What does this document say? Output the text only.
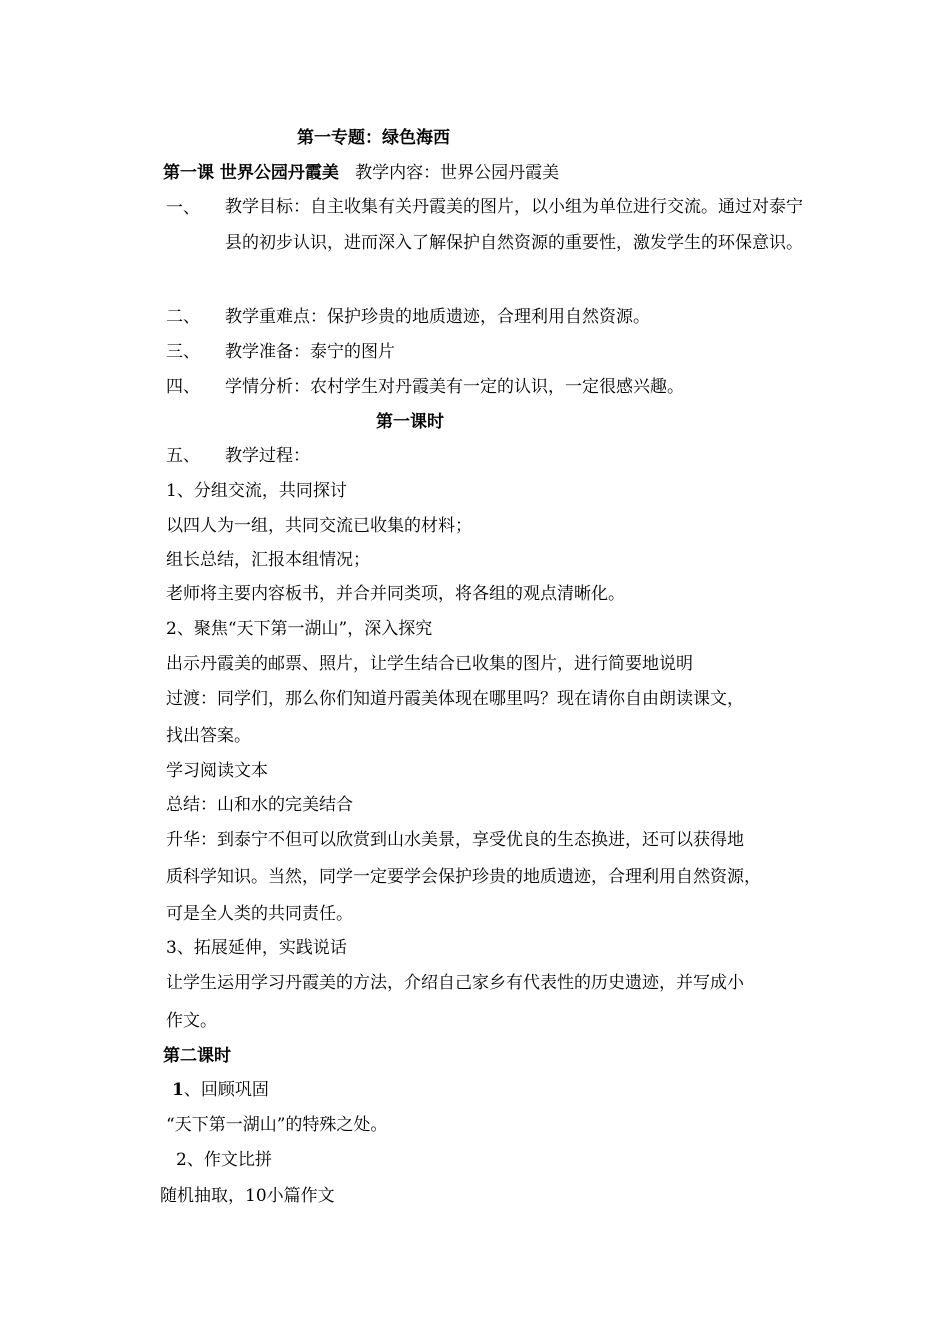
第一专题：绿色海西
第一课 世界公园丹霞美 教学内容：世界公园丹霞美
一、 教学目标：自主收集有关丹霞美的图片，以小组为单位进行交流。通过对泰宁县的初步认识，进而深入了解保护自然资源的重要性，激发学生的环保意识。
二、 教学重难点：保护珍贵的地质遗迹，合理利用自然资源。
三、 教学准备：泰宁的图片
四、 学情分析：农村学生对丹霞美有一定的认识，一定很感兴趣。
第一课时
五、 教学过程：
1、分组交流，共同探讨
以四人为一组，共同交流已收集的材料；
组长总结，汇报本组情况；
老师将主要内容板书，并合并同类项，将各组的观点清晰化。
2、聚焦“天下第一湖山”，深入探究
出示丹霞美的邮票、照片，让学生结合已收集的图片，进行简要地说明
过渡：同学们，那么你们知道丹霞美体现在哪里吗？现在请你自由朗读课文，
找出答案。
学习阅读文本
总结：山和水的完美结合
升华：到泰宁不但可以欣赏到山水美景，享受优良的生态换进，还可以获得地
质科学知识。当然，同学一定要学会保护珍贵的地质遗迹，合理利用自然资源，
可是全人类的共同责任。
3、拓展延伸，实践说话
让学生运用学习丹霞美的方法，介绍自己家乡有代表性的历史遗迹，并写成小
作文。
第二课时
1、回顾巩固
“天下第一湖山”的特殊之处。
2、作文比拼
随机抽取，10小篇作文
